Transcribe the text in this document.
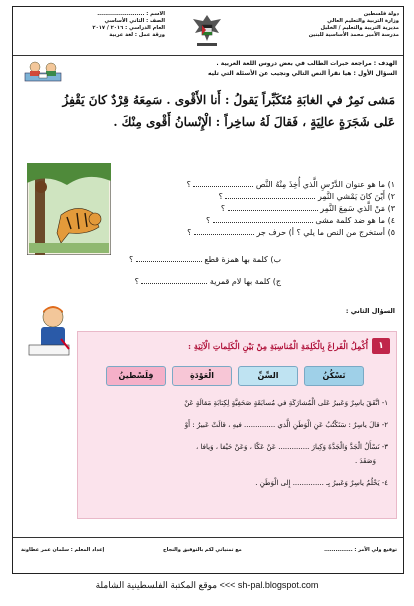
دولة فلسطين
وزارة التربية والتعليم العالي
مديرية التربية والتعليم / الخليل
مدرسة الأمير محمد الأساسية للبنين
الاسم : ........................
الصف : الثاني الأساسي
العام الدراسي : ٢٠١٦ / ٢٠١٧
ورقة عمل : لغة عربية
الهدف : مراجعة خبرات الطالب في بعض دروس اللغة العربية .
السؤال الأول : هيا نقرأ النص التالي ونجيب عن الأسئلة التي تليه
مَشى نَمِرٌ في الغابَةِ مُتَكَبِّراً يَقولُ : أَنا الأَقْوى . سَمِعَهُ قِرْدٌ كانَ يَقْفِزُ
عَلى شَجَرَةٍ عالِيَةٍ ، فَقالَ لَهُ ساخِراً : الْإِنْسانُ أَقْوى مِنْكَ .
١) ما هو عنوان الدَّرْسِ الَّذي أُخِذَ مِنْهُ النَّص  ؟
٢) أَيْنَ كانَ يَمْشي النَّمِر  ؟
٣) مَنْ الَّذي سَمِعَ النَّمِر  ؟
٤) ما هو ضد كلمة مشى  ؟
٥) أستخرج من النص ما يلي ؟ أ) حرف جر  ؟
ب) كلمة بها همزة قطع  ؟
ج) كلمة بها لام قمرية  ؟
السؤال الثاني :
١
أُكْمِلُ الْفَراغَ بِالْكَلِمَةِ الْمُناسِبَةِ مِنْ بَيْنِ الْكَلِماتِ الْآتِيَةِ :
فِلَسْطينُ	الْعَوْدَةِ	السِّنِّ	نَسْكُنُ
١- اتَّفَقَ ياسِرٌ وَعَبيرُ عَلى الْمُشارَكَةِ في مُسابَقَةٍ صَحَفِيَّةٍ لِكِتابَةِ مَقالَةٍ عَنْ
٢- قالَ ياسِرٌ : سَنَكْتُبُ عَنِ الْوَطَنِ الَّذي .............. فيهِ ، قالَتْ عَبيرُ : أَوْ
٣- نَسْأَلُ الْجَدَّ وَالْجَدَّةَ وَكِبارَ .............. عَنْ عَكّا ، وَعَنْ حَيْفا ، وَيافا ،
وَصَفَدَ .
٤- يَحْلُمُ ياسِرٌ وَعَبيرُ بِـ .............. إِلى الْوَطَنِ .
توقيع ولي الأمر : ...............
مع تمنياتي لكم بالتوفيق والنجاح
إعداد المعلم : سلمان عمر عطاونة
موقع المكتبة الفلسطينية الشاملة <<< sh-pal.blogspot.com
